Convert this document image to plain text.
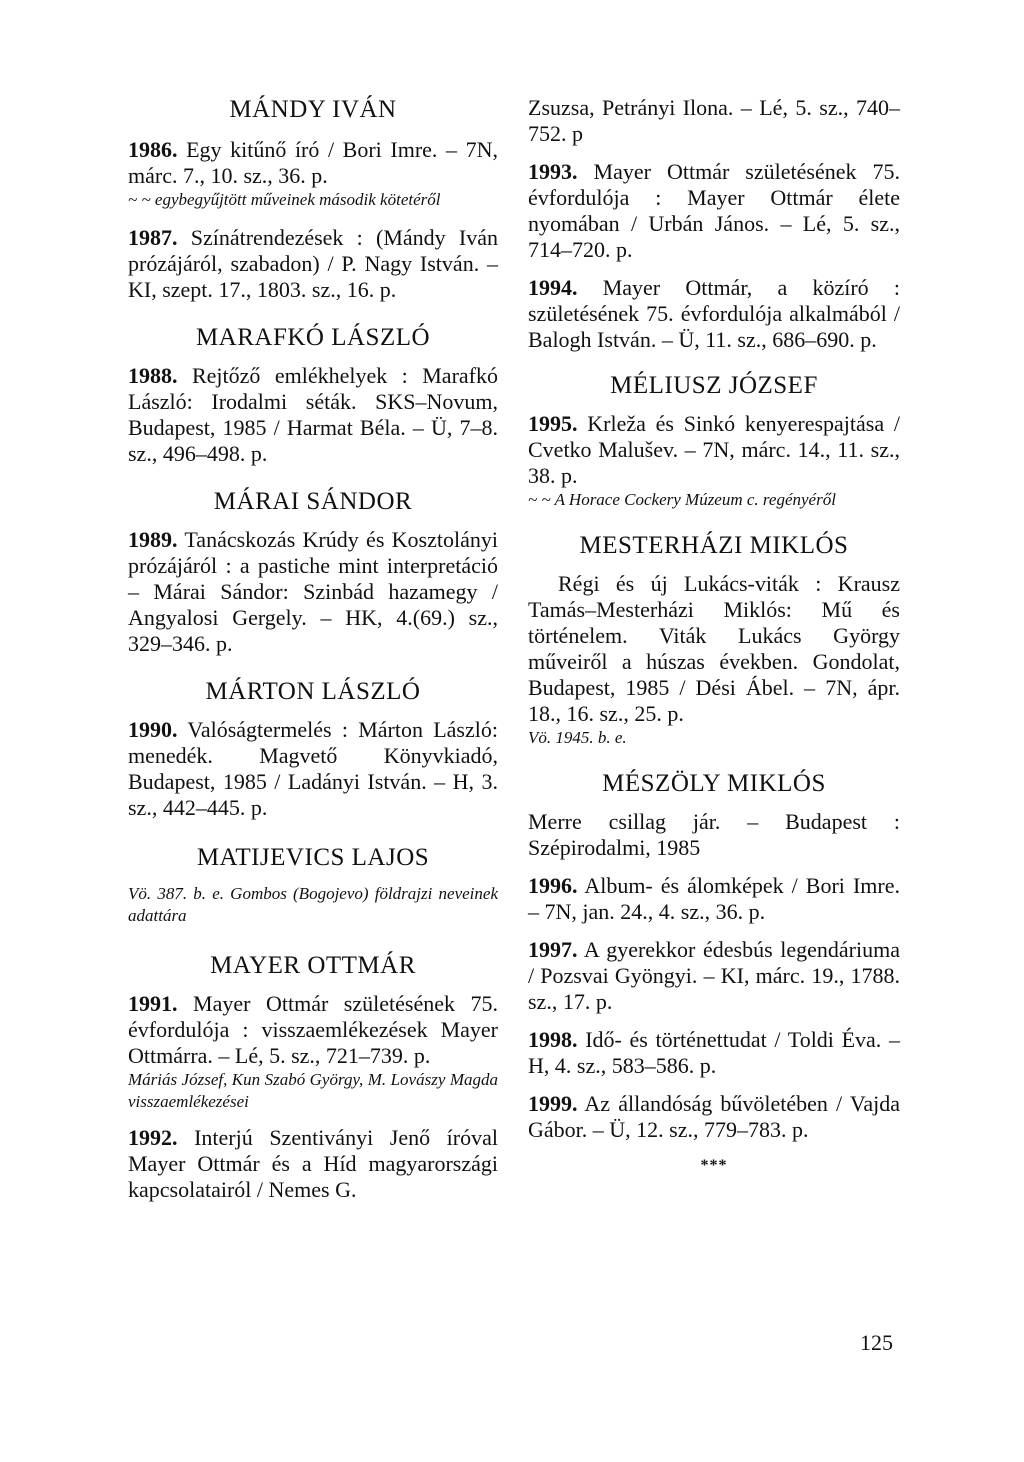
MÁNDY IVÁN

1986. Egy kitűnő író / Bori Imre. – 7N, márc. 7., 10. sz., 36. p.

~ ~ egybegyűjtött műveinek második kötetéről

1987. Színátrendezések : (Mándy Iván prózájáról, szabadon) / P. Nagy István. – KI, szept. 17., 1803. sz., 16. p.

MARAFKÓ LÁSZLÓ

1988. Rejtőző emlékhelyek : Marafkó László: Irodalmi séták. SKS–Novum, Budapest, 1985 / Harmat Béla. – Ü, 7–8. sz., 496–498. p.

MÁRAI SÁNDOR

1989. Tanácskozás Krúdy és Kosztolányi prózájáról : a pastiche mint interpretáció – Márai Sándor: Szinbád hazamegy / Angyalosi Gergely. – HK, 4.(69.) sz., 329–346. p.

MÁRTON LÁSZLÓ

1990. Valóságtermelés : Márton László: menedék. Magvető Könyvkiadó, Budapest, 1985 / Ladányi István. – H, 3. sz., 442–445. p.

MATIJEVICS LAJOS

Vö. 387. b. e. Gombos (Bogojevo) földrajzi neveinek adattára

MAYER OTTMÁR

1991. Mayer Ottmár születésének 75. évfordulója : visszaemlékezések Mayer Ottmárra. – Lé, 5. sz., 721–739. p.

Máriás József, Kun Szabó György, M. Lovászy Magda visszaemlékezései

1992. Interjú Szentiványi Jenő íróval Mayer Ottmár és a Híd magyarországi kapcsolatairól / Nemes G.

Zsuzsa, Petrányi Ilona. – Lé, 5. sz., 740–752. p

1993. Mayer Ottmár születésének 75. évfordulója : Mayer Ottmár élete nyomában / Urbán János. – Lé, 5. sz., 714–720. p.

1994. Mayer Ottmár, a közíró : születésének 75. évfordulója alkalmából / Balogh István. – Ü, 11. sz., 686–690. p.

MÉLIUSZ JÓZSEF

1995. Krleža és Sinkó kenyerespajtása / Cvetko Malušev. – 7N, márc. 14., 11. sz., 38. p.

~ ~ A Horace Cockery Múzeum c. regényéről

MESTERHÁZI MIKLÓS

Régi és új Lukács-viták : Krausz Tamás–Mesterházi Miklós: Mű és történelem. Viták Lukács György műveiről a húszas években. Gondolat, Budapest, 1985 / Dési Ábel. – 7N, ápr. 18., 16. sz., 25. p.

Vö. 1945. b. e.

MÉSZÖLY MIKLÓS

Merre csillag jár. – Budapest : Szépirodalmi, 1985

1996. Album- és álomképek / Bori Imre. – 7N, jan. 24., 4. sz., 36. p.

1997. A gyerekkor édesbús legendáriuma / Pozsvai Gyöngyi. – KI, márc. 19., 1788. sz., 17. p.

1998. Idő- és történettudat / Toldi Éva. – H, 4. sz., 583–586. p.

1999. Az állandóság bűvöletében / Vajda Gábor. – Ü, 12. sz., 779–783. p.

***

125
